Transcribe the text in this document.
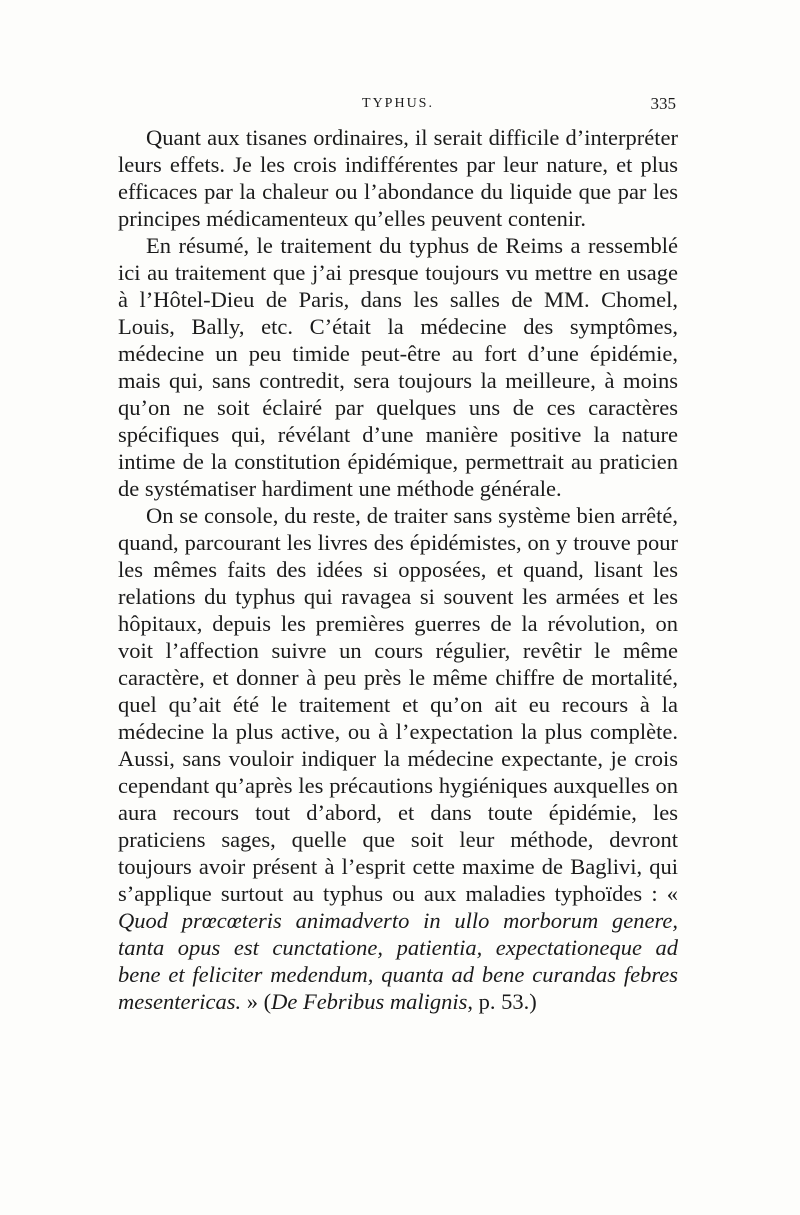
TYPHUS.	335

Quant aux tisanes ordinaires, il serait difficile d’interpréter leurs effets. Je les crois indifférentes par leur nature, et plus efficaces par la chaleur ou l’abondance du liquide que par les principes médicamenteux qu’elles peuvent contenir.

En résumé, le traitement du typhus de Reims a ressemblé ici au traitement que j’ai presque toujours vu mettre en usage à l’Hôtel-Dieu de Paris, dans les salles de MM. Chomel, Louis, Bally, etc. C’était la médecine des symptômes, médecine un peu timide peut-être au fort d’une épidémie, mais qui, sans contredit, sera toujours la meilleure, à moins qu’on ne soit éclairé par quelques uns de ces caractères spécifiques qui, révélant d’une manière positive la nature intime de la constitution épidémique, permettrait au praticien de systématiser hardiment une méthode générale.

On se console, du reste, de traiter sans système bien arrêté, quand, parcourant les livres des épidémistes, on y trouve pour les mêmes faits des idées si opposées, et quand, lisant les relations du typhus qui ravagea si souvent les armées et les hôpitaux, depuis les premières guerres de la révolution, on voit l’affection suivre un cours régulier, revêtir le même caractère, et donner à peu près le même chiffre de mortalité, quel qu’ait été le traitement et qu’on ait eu recours à la médecine la plus active, ou à l’expectation la plus complète. Aussi, sans vouloir indiquer la médecine expectante, je crois cependant qu’après les précautions hygiéniques auxquelles on aura recours tout d’abord, et dans toute épidémie, les praticiens sages, quelle que soit leur méthode, devront toujours avoir présent à l’esprit cette maxime de Baglivi, qui s’applique surtout au typhus ou aux maladies typhoïdes : « Quod prœcœteris animadverto in ullo morborum genere, tanta opus est cunctatione, patientia, expectationeque ad bene et feliciter medendum, quanta ad bene curandas febres mesentericas. » (De Febribus malignis, p. 53.)
